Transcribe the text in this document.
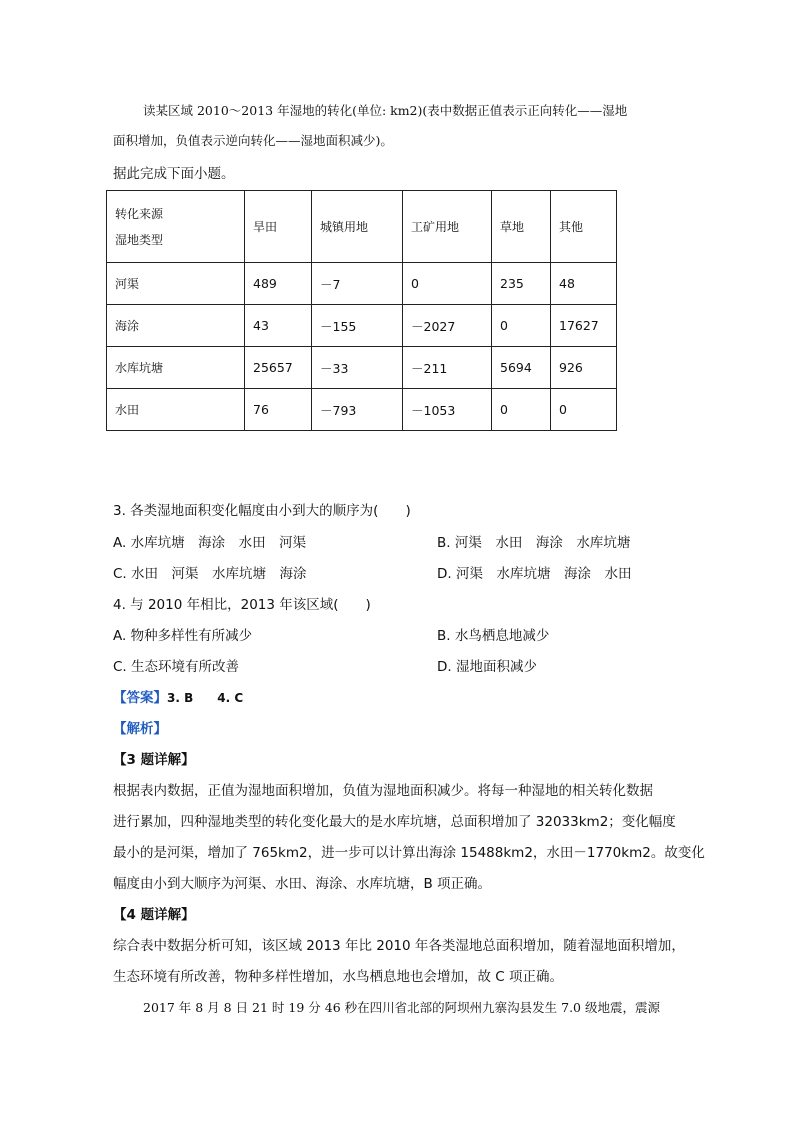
读某区域 2010～2013 年湿地的转化(单位: km2)(表中数据正值表示正向转化——湿地
面积增加，负值表示逆向转化——湿地面积减少)。
据此完成下面小题。
转化来源
湿地类型	旱田	城镇用地	工矿用地	草地	其他
河渠	489	－7	0	235	48
海涂	43	－155	－2027	0	17627
水库坑塘	25657	－33	－211	5694	926
水田	76	－793	－1053	0	0
3. 各类湿地面积变化幅度由小到大的顺序为(　　)
A. 水库坑塘　海涂　水田　河渠	B. 河渠　水田　海涂　水库坑塘
C. 水田　河渠　水库坑塘　海涂	D. 河渠　水库坑塘　海涂　水田
4. 与 2010 年相比，2013 年该区域(　　)
A. 物种多样性有所减少	B. 水鸟栖息地减少
C. 生态环境有所改善	D. 湿地面积减少
【答案】3. B　　4. C
【解析】
【3 题详解】
根据表内数据，正值为湿地面积增加，负值为湿地面积减少。将每一种湿地的相关转化数据
进行累加，四种湿地类型的转化变化最大的是水库坑塘，总面积增加了 32033km2；变化幅度
最小的是河渠，增加了 765km2，进一步可以计算出海涂 15488km2，水田－1770km2。故变化
幅度由小到大顺序为河渠、水田、海涂、水库坑塘，B 项正确。
【4 题详解】
综合表中数据分析可知，该区域 2013 年比 2010 年各类湿地总面积增加，随着湿地面积增加，
生态环境有所改善，物种多样性增加，水鸟栖息地也会增加，故 C 项正确。
2017 年 8 月 8 日 21 时 19 分 46 秒在四川省北部的阿坝州九寨沟县发生 7.0 级地震，震源
